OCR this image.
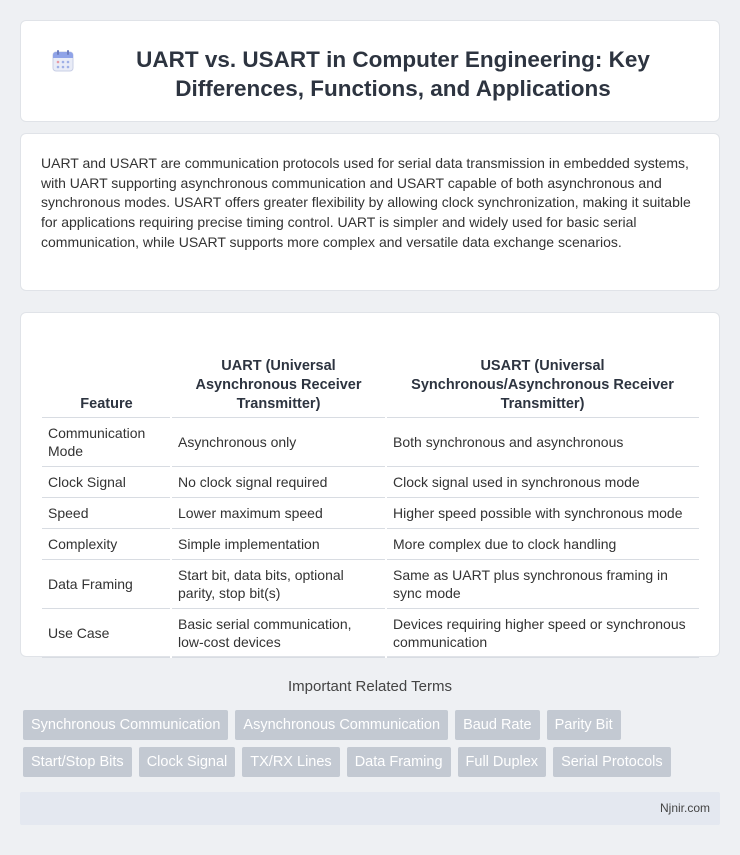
UART vs. USART in Computer Engineering: Key Differences, Functions, and Applications

UART and USART are communication protocols used for serial data transmission in embedded systems, with UART supporting asynchronous communication and USART capable of both asynchronous and synchronous modes. USART offers greater flexibility by allowing clock synchronization, making it suitable for applications requiring precise timing control. UART is simpler and widely used for basic serial communication, while USART supports more complex and versatile data exchange scenarios.

Feature	UART (Universal Asynchronous Receiver Transmitter)	USART (Universal Synchronous/Asynchronous Receiver Transmitter)
Communication Mode	Asynchronous only	Both synchronous and asynchronous
Clock Signal	No clock signal required	Clock signal used in synchronous mode
Speed	Lower maximum speed	Higher speed possible with synchronous mode
Complexity	Simple implementation	More complex due to clock handling
Data Framing	Start bit, data bits, optional parity, stop bit(s)	Same as UART plus synchronous framing in sync mode
Use Case	Basic serial communication, low-cost devices	Devices requiring higher speed or synchronous communication
Important Related Terms
Synchronous Communication	Asynchronous Communication	Baud Rate	Parity Bit
Start/Stop Bits	Clock Signal	TX/RX Lines	Data Framing	Full Duplex	Serial Protocols
Njnir.com
